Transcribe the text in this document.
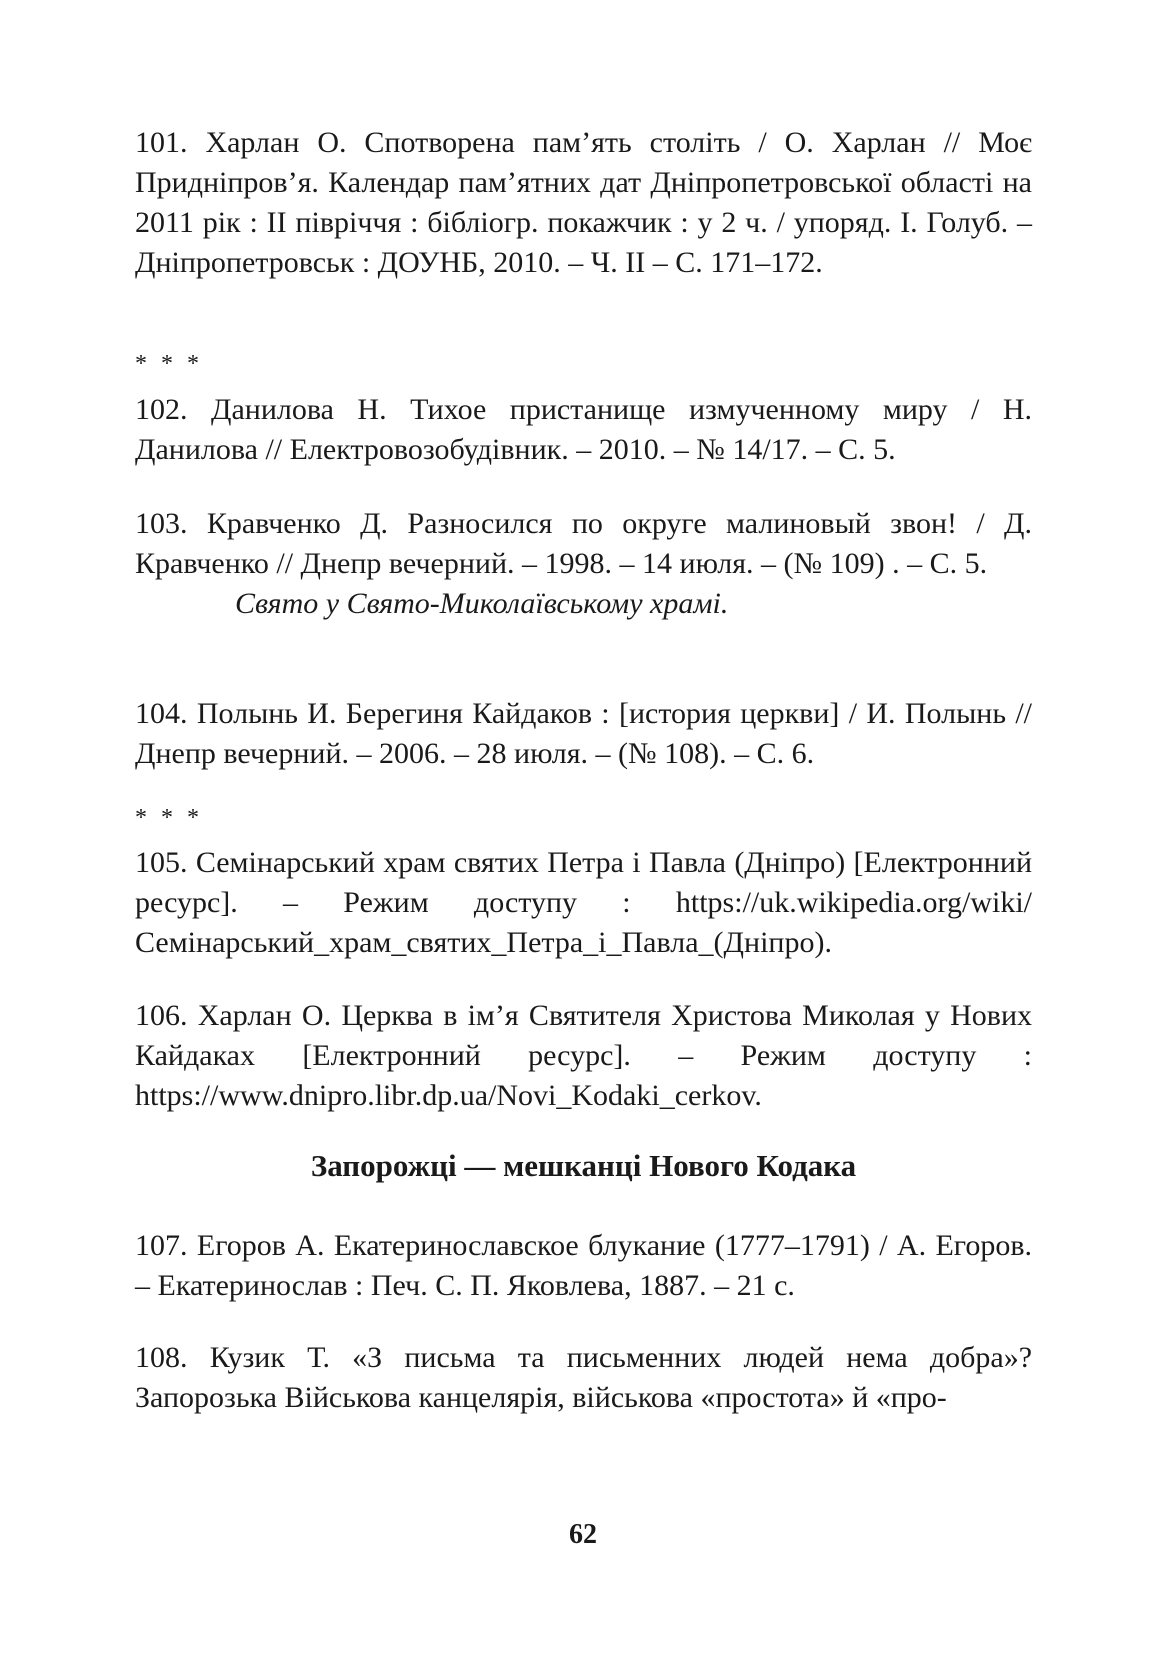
101. Харлан О. Спотворена пам’ять століть / О. Харлан // Моє Придніпров’я. Календар пам’ятних дат Дніпропетровської області на 2011 рік : ІІ півріччя : бібліогр. покажчик : у 2 ч. / упоряд. І. Голуб. – Дніпропетровськ : ДОУНБ, 2010. – Ч. ІІ – С. 171–172.

* * *

102. Данилова Н. Тихое пристанище измученному миру / Н. Данилова // Електровозобудівник. – 2010. – № 14/17. – С. 5.

103. Кравченко Д. Разносился по округе малиновый звон! / Д. Кравченко // Днепр вечерний. – 1998. – 14 июля. – (№ 109) . – С. 5.

Свято у Свято-Миколаївському храмі.

104. Полынь И. Берегиня Кайдаков : [история церкви] / И. Полынь // Днепр вечерний. – 2006. – 28 июля. – (№ 108). – С. 6.

* * *

105. Семінарський храм святих Петра і Павла (Дніпро) [Електронний ресурс]. – Режим доступу : https://uk.wikipedia.org/wiki/Семінарський_храм_святих_Петра_і_Павла_(Дніпро).

106. Харлан О. Церква в ім’я Святителя Христова Миколая у Нових Кайдаках [Електронний ресурс]. – Режим доступу : https://www.dnipro.libr.dp.ua/Novi_Kodaki_cerkov.

Запорожці — мешканці Нового Кодака

107. Егоров А. Екатеринославское блукание (1777–1791) / А. Егоров. – Екатеринослав : Печ. С. П. Яковлева, 1887. – 21 с.

108. Кузик Т. «З письма та письменних людей нема добра»? Запорозька Військова канцелярія, військова «простота» й «про-

62
